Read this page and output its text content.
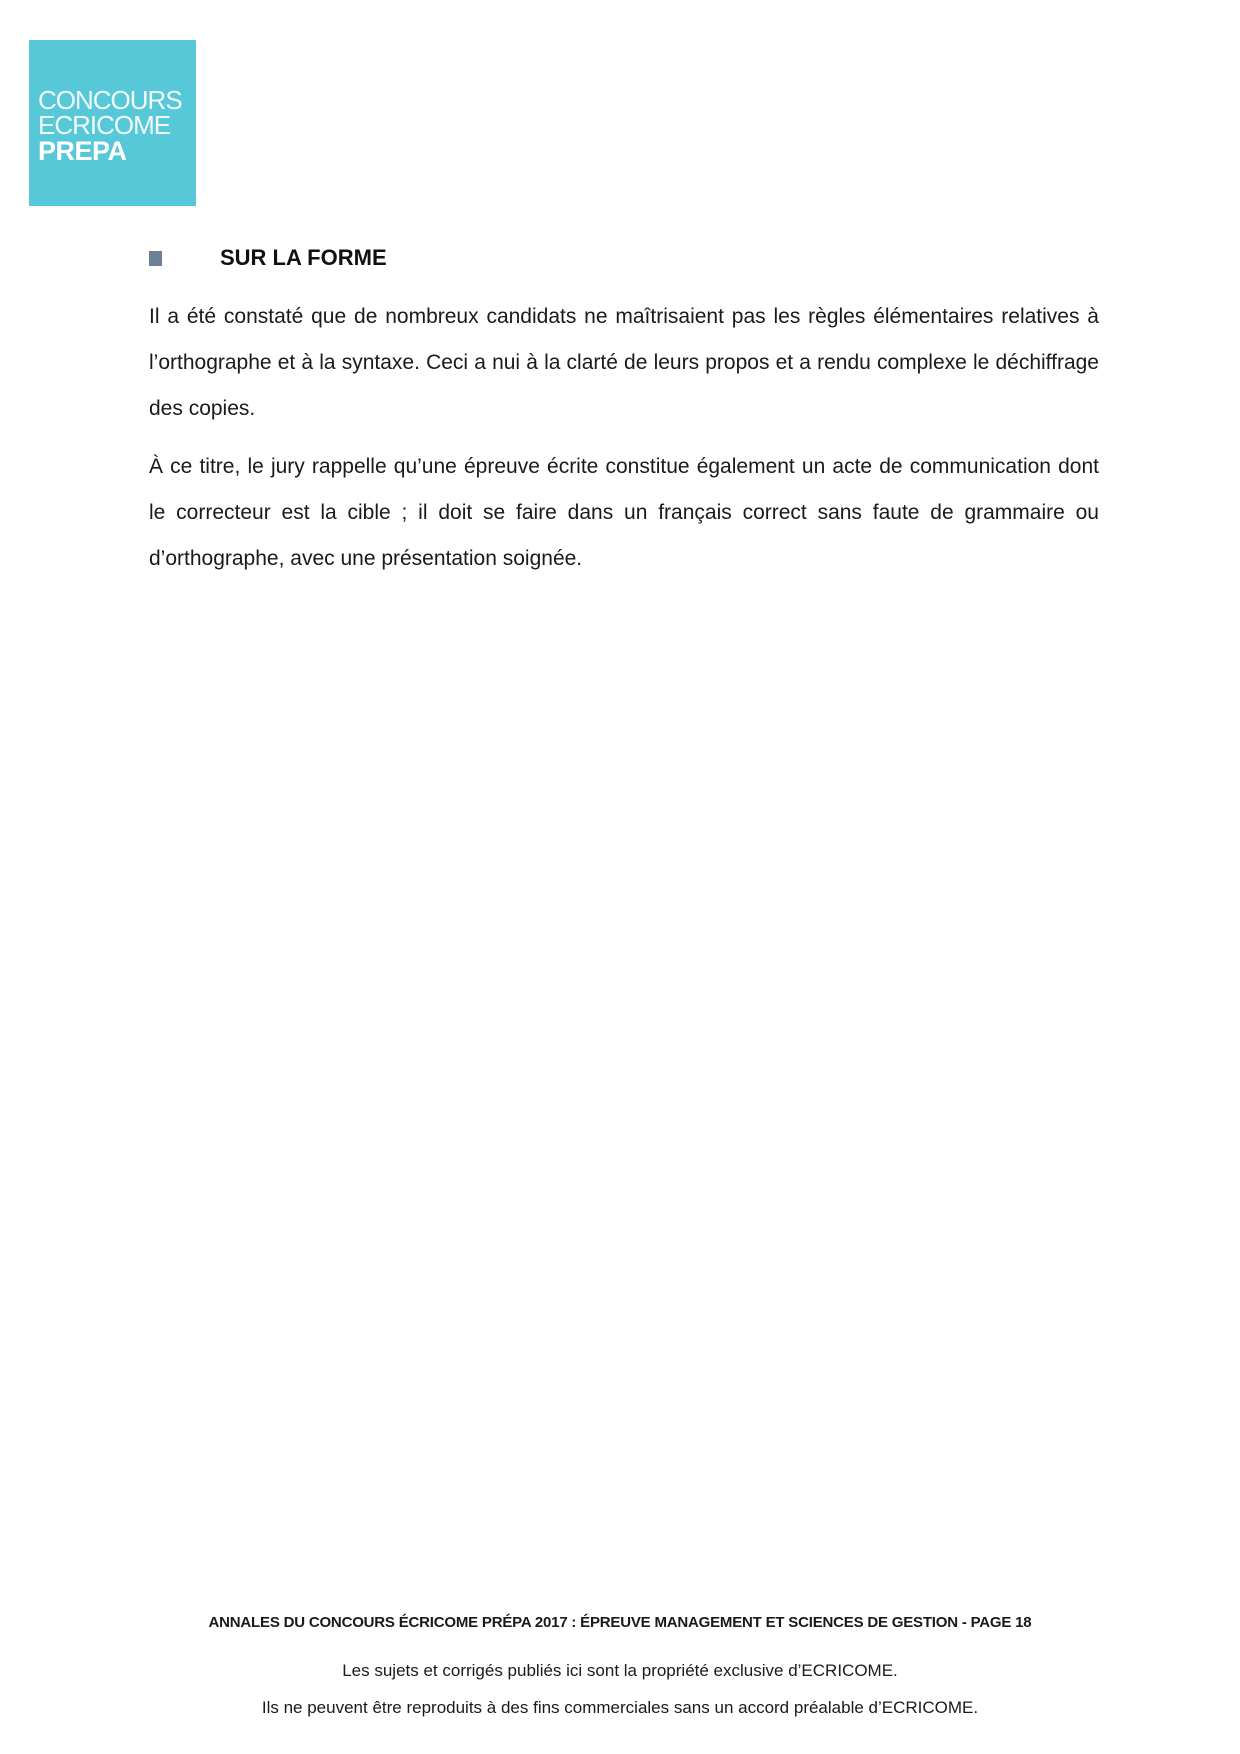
CONCOURS
ECRICOME
PREPA
SUR LA FORME

Il a été constaté que de nombreux candidats ne maîtrisaient pas les règles élémentaires relatives à l’orthographe et à la syntaxe. Ceci a nui à la clarté de leurs propos et a rendu complexe le déchiffrage des copies.

À ce titre, le jury rappelle qu’une épreuve écrite constitue également un acte de communication dont le correcteur est la cible ; il doit se faire dans un français correct sans faute de grammaire ou d’orthographe, avec une présentation soignée.

ANNALES DU CONCOURS ÉCRICOME PRÉPA 2017 : ÉPREUVE MANAGEMENT ET SCIENCES DE GESTION - PAGE 18
Les sujets et corrigés publiés ici sont la propriété exclusive d’ECRICOME.
Ils ne peuvent être reproduits à des fins commerciales sans un accord préalable d’ECRICOME.
